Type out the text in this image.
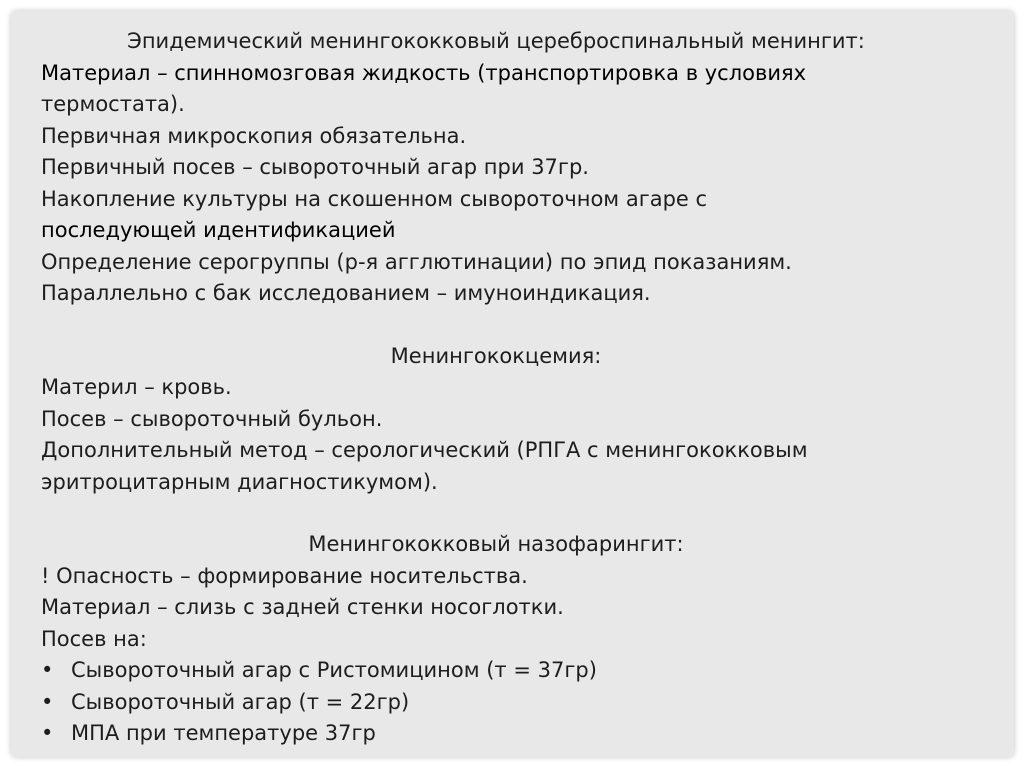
Эпидемический менингококковый цереброспинальный менингит:
Материал – спинномозговая жидкость (транспортировка в условиях
термостата).
Первичная микроскопия обязательна.
Первичный посев – сывороточный агар при 37гр.
Накопление культуры на скошенном сывороточном агаре с
последующей идентификацией
Определение серогруппы (р-я агглютинации) по эпид показаниям.
Параллельно с бак исследованием – имуноиндикация.
Менингококцемия:
Материл – кровь.
Посев – сывороточный бульон.
Дополнительный метод – серологический (РПГА с менингококковым
эритроцитарным диагностикумом).
Менингококковый назофарингит:
! Опасность – формирование носительства.
Материал – слизь с задней стенки носоглотки.
Посев на:
• Сывороточный агар с Ристомицином (т = 37гр)
• Сывороточный агар (т = 22гр)
• МПА при температуре 37гр
